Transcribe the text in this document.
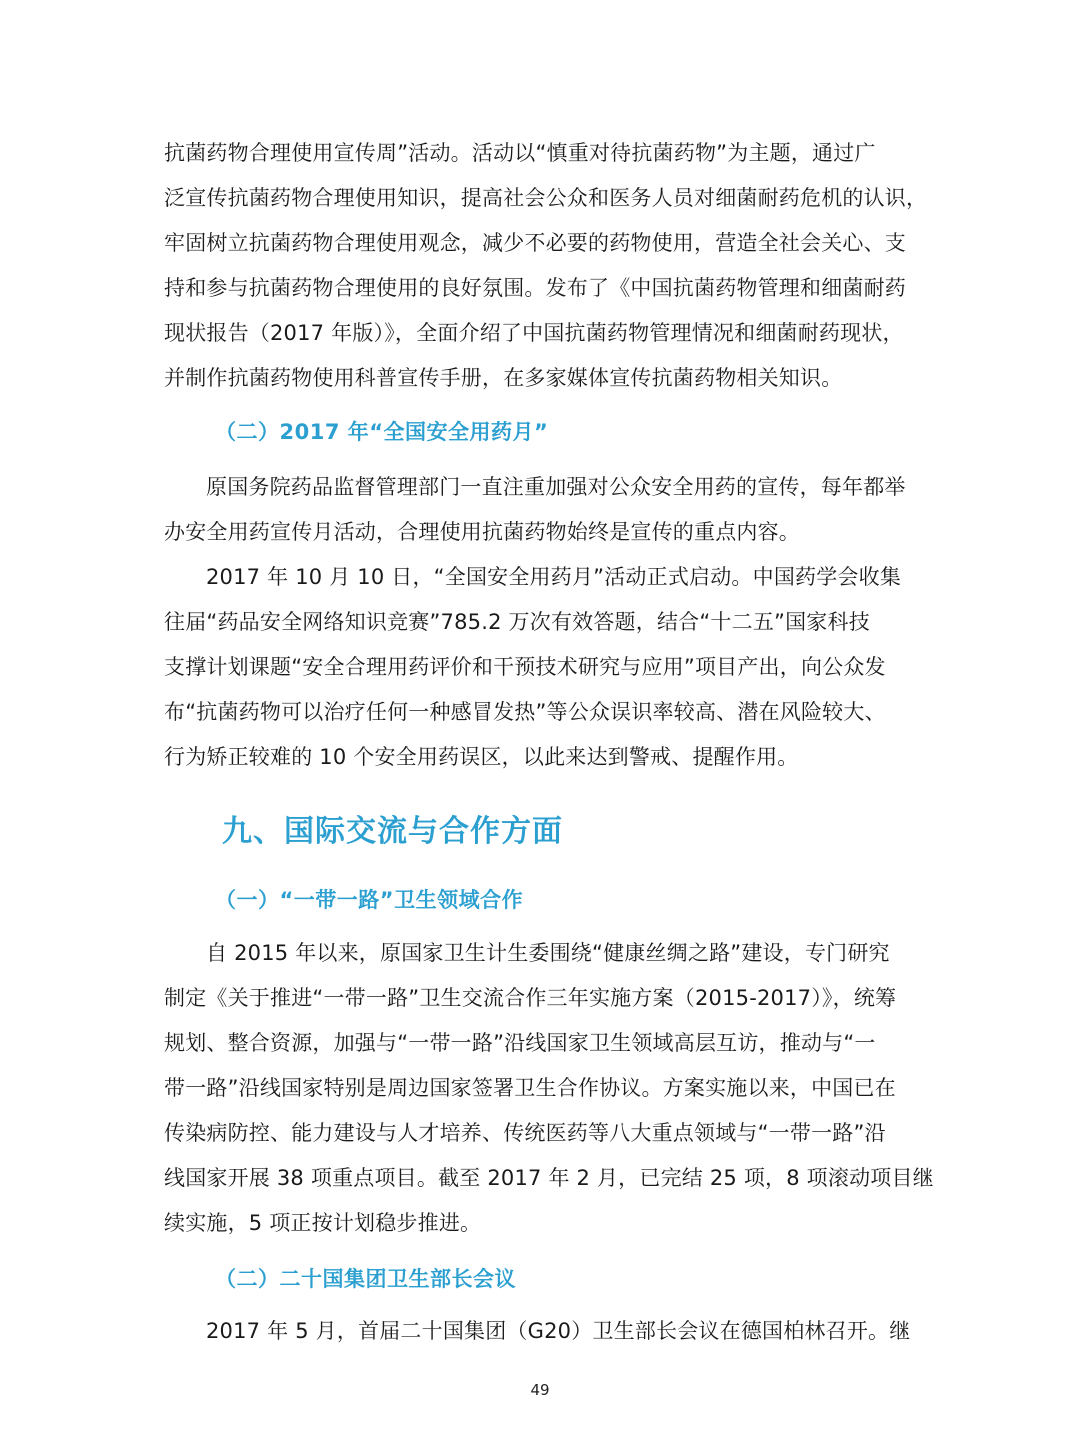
抗菌药物合理使用宣传周”活动。活动以“慎重对待抗菌药物”为主题，通过广
泛宣传抗菌药物合理使用知识，提高社会公众和医务人员对细菌耐药危机的认识，
牢固树立抗菌药物合理使用观念，减少不必要的药物使用，营造全社会关心、支
持和参与抗菌药物合理使用的良好氛围。发布了《中国抗菌药物管理和细菌耐药
现状报告（2017 年版）》，全面介绍了中国抗菌药物管理情况和细菌耐药现状，
并制作抗菌药物使用科普宣传手册，在多家媒体宣传抗菌药物相关知识。
（二）2017 年“全国安全用药月”
原国务院药品监督管理部门一直注重加强对公众安全用药的宣传，每年都举
办安全用药宣传月活动，合理使用抗菌药物始终是宣传的重点内容。
2017 年 10 月 10 日，“全国安全用药月”活动正式启动。中国药学会收集
往届“药品安全网络知识竞赛”785.2 万次有效答题，结合“十二五”国家科技
支撑计划课题“安全合理用药评价和干预技术研究与应用”项目产出，向公众发
布“抗菌药物可以治疗任何一种感冒发热”等公众误识率较高、潜在风险较大、
行为矫正较难的 10 个安全用药误区，以此来达到警戒、提醒作用。
九、国际交流与合作方面
（一）“一带一路”卫生领域合作
自 2015 年以来，原国家卫生计生委围绕“健康丝绸之路”建设，专门研究
制定《关于推进“一带一路”卫生交流合作三年实施方案（2015-2017）》，统筹
规划、整合资源，加强与“一带一路”沿线国家卫生领域高层互访，推动与“一
带一路”沿线国家特别是周边国家签署卫生合作协议。方案实施以来，中国已在
传染病防控、能力建设与人才培养、传统医药等八大重点领域与“一带一路”沿
线国家开展 38 项重点项目。截至 2017 年 2 月，已完结 25 项，8 项滚动项目继
续实施，5 项正按计划稳步推进。
（二）二十国集团卫生部长会议
2017 年 5 月，首届二十国集团（G20）卫生部长会议在德国柏林召开。继
49
